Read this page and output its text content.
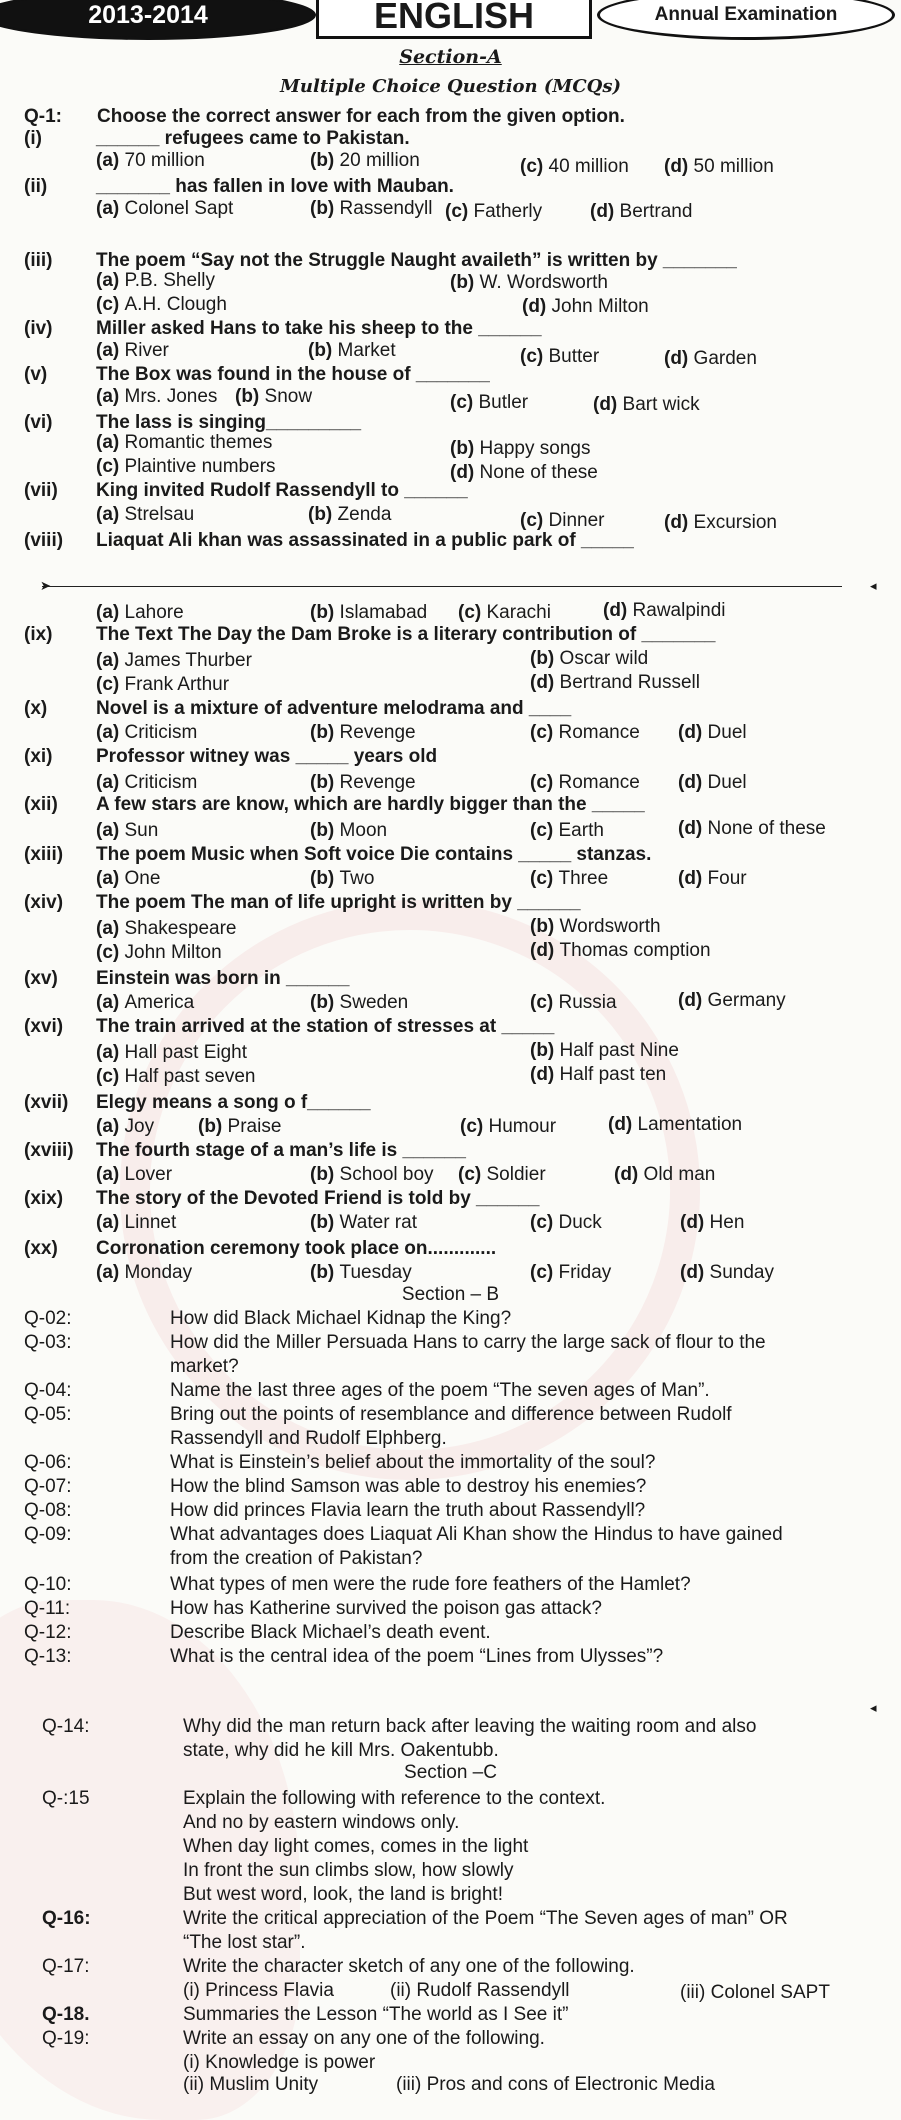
2013-2014	ENGLISH	Annual Examination
Section-A
Multiple Choice Question (MCQs)
Q-1: Choose the correct answer for each from the given option.
(i)	______ refugees came to Pakistan.
(a) 70 million	(b) 20 million	(c) 40 million (d) 50 million
(ii)	_______ has fallen in love with Mauban.
(a) Colonel Sapt	(b) Rassendyll (c) Fatherly	(d) Bertrand
(iii) The poem “Say not the Struggle Naught availeth” is written by _______
(a) P.B. Shelly	(b) W. Wordsworth
(c) A.H. Clough	(d) John Milton
(iv) Miller asked Hans to take his sheep to the ______
(a) River	(b) Market	(c) Butter	(d) Garden
(v)	The Box was found in the house of _______
(a) Mrs. Jones (b) Snow	(c) Butler	(d) Bart wick
(vi) The lass is singing_________
(a) Romantic themes	(b) Happy songs
(c) Plaintive numbers	(d) None of these
(vii) King invited Rudolf Rassendyll to ______
(a) Strelsau	(b) Zenda	(c) Dinner	(d) Excursion
(viii) Liaquat Ali khan was assassinated in a public park of _____
(a) Lahore	(b) Islamabad (c) Karachi	(d) Rawalpindi
(ix) The Text The Day the Dam Broke is a literary contribution of _______
(a) James Thurber	(b) Oscar wild
(c) Frank Arthur	(d) Bertrand Russell
(x)	Novel is a mixture of adventure melodrama and ____
(a) Criticism	(b) Revenge	(c) Romance (d) Duel
(xi) Professor witney was _____ years old
(a) Criticism	(b) Revenge	(c) Romance (d) Duel
(xii) A few stars are know, which are hardly bigger than the _____
(a) Sun	(b) Moon	(c) Earth	(d) None of these
(xiii) The poem Music when Soft voice Die contains _____ stanzas.
(a) One	(b) Two	(c) Three	(d) Four
(xiv) The poem The man of life upright is written by ______
(a) Shakespeare	(b) Wordsworth
(c) John Milton	(d) Thomas comption
(xv) Einstein was born in ______
(a) America	(b) Sweden	(c) Russia	(d) Germany
(xvi) The train arrived at the station of stresses at _____
(a) Hall past Eight	(b) Half past Nine
(c) Half past seven	(d) Half past ten
(xvii) Elegy means a song o f______
(a) Joy (b) Praise	(c) Humour	(d) Lamentation
(xviii) The fourth stage of a man’s life is ______
(a) Lover	(b) School boy (c) Soldier	(d) Old man
(xix) The story of the Devoted Friend is told by ______
(a) Linnet	(b) Water rat	(c) Duck	(d) Hen
(xx) Corronation ceremony took place on.............
(a) Monday	(b) Tuesday	(c) Friday	(d) Sunday
➤	◂
◂
Section – B
Q-02:	How did Black Michael Kidnap the King?
Q-03:	How did the Miller Persuada Hans to carry the large sack of flour to the
market?
Q-04:	Name the last three ages of the poem “The seven ages of Man”.
Q-05:	Bring out the points of resemblance and difference between Rudolf
Rassendyll and Rudolf Elphberg.
Q-06:	What is Einstein’s belief about the immortality of the soul?
Q-07:	How the blind Samson was able to destroy his enemies?
Q-08:	How did princes Flavia learn the truth about Rassendyll?
Q-09:	What advantages does Liaquat Ali Khan show the Hindus to have gained
from the creation of Pakistan?
Q-10:	What types of men were the rude fore feathers of the Hamlet?
Q-11:	How has Katherine survived the poison gas attack?
Q-12:	Describe Black Michael’s death event.
Q-13:	What is the central idea of the poem “Lines from Ulysses”?
Q-14:	Why did the man return back after leaving the waiting room and also
state, why did he kill Mrs. Oakentubb.
Section –C
Q-:15	Explain the following with reference to the context.
And no by eastern windows only.
When day light comes, comes in the light
In front the sun climbs slow, how slowly
But west word, look, the land is bright!
Q-16:	Write the critical appreciation of the Poem “The Seven ages of man” OR
“The lost star”.
Q-17:	Write the character sketch of any one of the following.
(i) Princess Flavia	(ii) Rudolf Rassendyll	(iii) Colonel SAPT
Q-18.	Summaries the Lesson “The world as I See it”
Q-19:	Write an essay on any one of the following.
(i) Knowledge is power
(ii) Muslim Unity	(iii) Pros and cons of Electronic Media
